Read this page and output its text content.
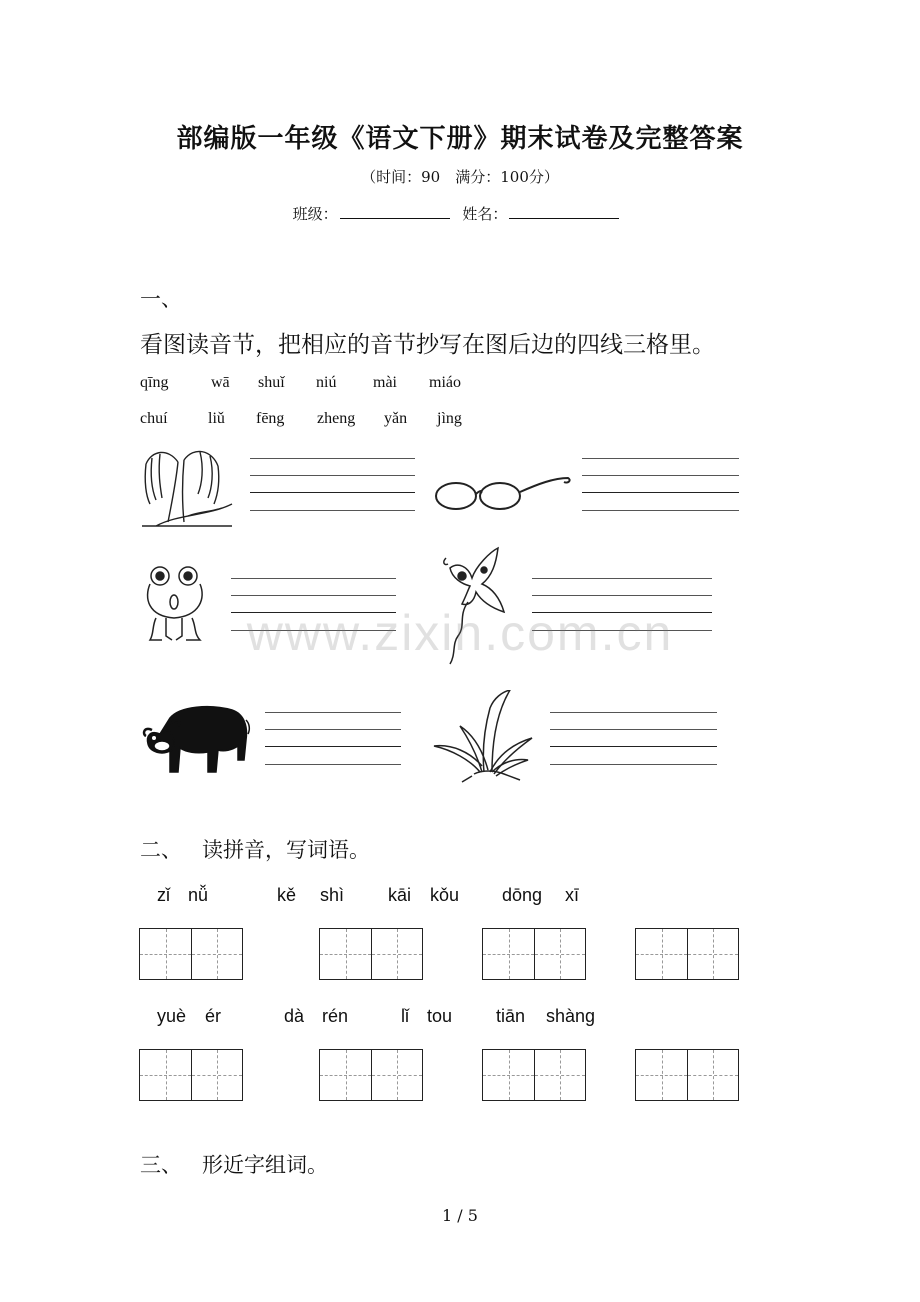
部编版一年级《语文下册》期末试卷及完整答案
（时间：90　满分：100分）
班级：	姓名：
一、
看图读音节，把相应的音节抄写在图后边的四线三格里。
qīng	wā shuǐ niú mài miáo
chuí	liǔ fēng zheng yǎn jìng
www.zixin.com.cn
二、 读拼音，写词语。
zǐ nǚ	kě shì kāi kǒu dōng xī
yuè ér	dà rén	lǐ tou tiān shàng
三、 形近字组词。
1 / 5
